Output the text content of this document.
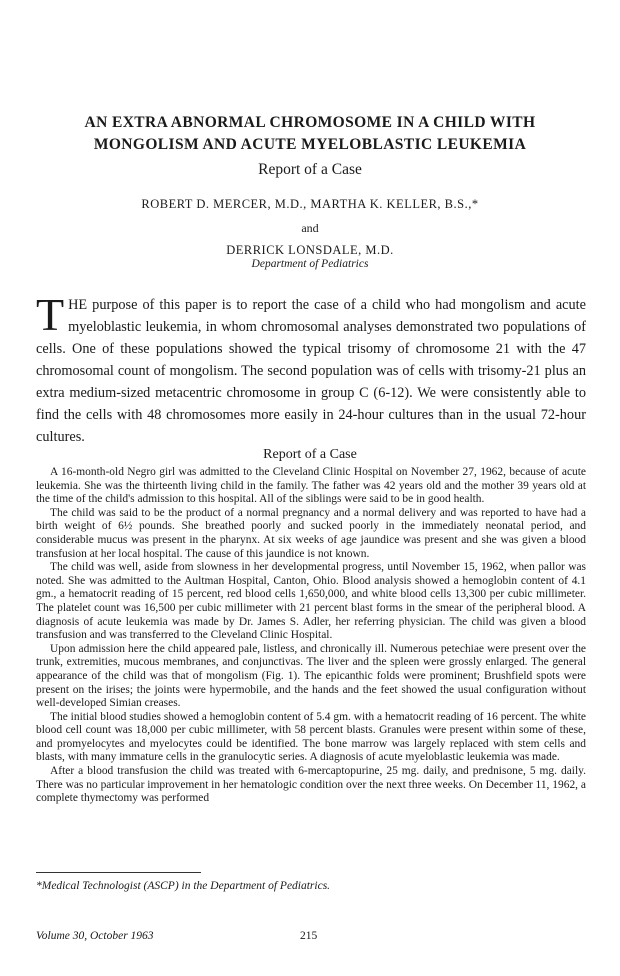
AN EXTRA ABNORMAL CHROMOSOME IN A CHILD WITH
MONGOLISM AND ACUTE MYELOBLASTIC LEUKEMIA
Report of a Case
ROBERT D. MERCER, M.D., MARTHA K. KELLER, B.S.,*
and
DERRICK LONSDALE, M.D.
Department of Pediatrics

THE purpose of this paper is to report the case of a child who had mongolism and acute myeloblastic leukemia, in whom chromosomal analyses demonstrated two populations of cells. One of these populations showed the typical trisomy of chromosome 21 with the 47 chromosomal count of mongolism. The second population was of cells with trisomy-21 plus an extra medium-sized metacentric chromosome in group C (6-12). We were consistently able to find the cells with 48 chromosomes more easily in 24-hour cultures than in the usual 72-hour cultures.

Report of a Case

A 16-month-old Negro girl was admitted to the Cleveland Clinic Hospital on November 27, 1962, because of acute leukemia. She was the thirteenth living child in the family. The father was 42 years old and the mother 39 years old at the time of the child's admission to this hospital. All of the siblings were said to be in good health.

The child was said to be the product of a normal pregnancy and a normal delivery and was reported to have had a birth weight of 6½ pounds. She breathed poorly and sucked poorly in the immediately neonatal period, and considerable mucus was present in the pharynx. At six weeks of age jaundice was present and she was given a blood transfusion at her local hospital. The cause of this jaundice is not known.

The child was well, aside from slowness in her developmental progress, until November 15, 1962, when pallor was noted. She was admitted to the Aultman Hospital, Canton, Ohio. Blood analysis showed a hemoglobin content of 4.1 gm., a hematocrit reading of 15 percent, red blood cells 1,650,000, and white blood cells 13,300 per cubic millimeter. The platelet count was 16,500 per cubic millimeter with 21 percent blast forms in the smear of the peripheral blood. A diagnosis of acute leukemia was made by Dr. James S. Adler, her referring physician. The child was given a blood transfusion and was transferred to the Cleveland Clinic Hospital.

Upon admission here the child appeared pale, listless, and chronically ill. Numerous petechiae were present over the trunk, extremities, mucous membranes, and conjunctivas. The liver and the spleen were grossly enlarged. The general appearance of the child was that of mongolism (Fig. 1). The epicanthic folds were prominent; Brushfield spots were present on the irises; the joints were hypermobile, and the hands and the feet showed the usual configuration without well-developed Simian creases.

The initial blood studies showed a hemoglobin content of 5.4 gm. with a hematocrit reading of 16 percent. The white blood cell count was 18,000 per cubic millimeter, with 58 percent blasts. Granules were present within some of these, and promyelocytes and myelocytes could be identified. The bone marrow was largely replaced with stem cells and blasts, with many immature cells in the granulocytic series. A diagnosis of acute myeloblastic leukemia was made.

After a blood transfusion the child was treated with 6-mercaptopurine, 25 mg. daily, and prednisone, 5 mg. daily. There was no particular improvement in her hematologic condition over the next three weeks. On December 11, 1962, a complete thymectomy was performed

*Medical Technologist (ASCP) in the Department of Pediatrics.
Volume 30, October 1963	215
